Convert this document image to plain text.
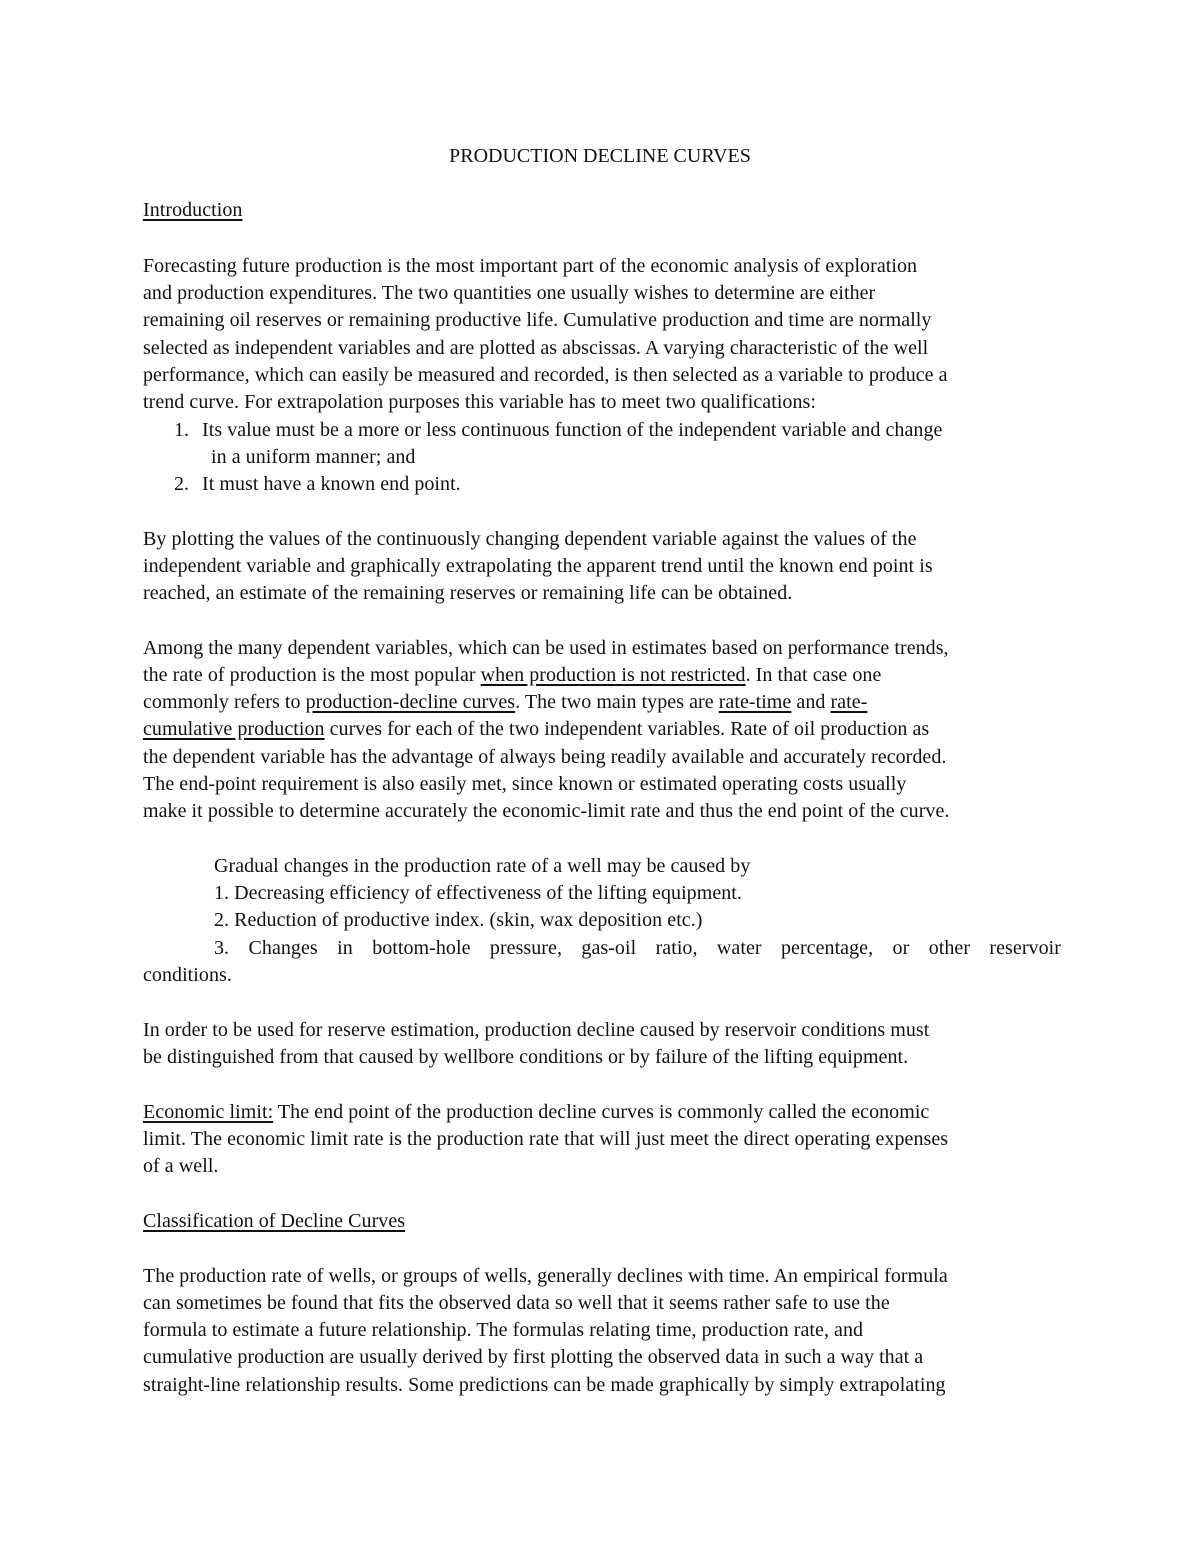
PRODUCTION DECLINE CURVES
Introduction
Forecasting future production is the most important part of the economic analysis of exploration
and production expenditures. The two quantities one usually wishes to determine are either
remaining oil reserves or remaining productive life. Cumulative production and time are normally
selected as independent variables and are plotted as abscissas. A varying characteristic of the well
performance, which can easily be measured and recorded, is then selected as a variable to produce a
trend curve. For extrapolation purposes this variable has to meet two qualifications:
1. Its value must be a more or less continuous function of the independent variable and change
in a uniform manner; and
2. It must have a known end point.
By plotting the values of the continuously changing dependent variable against the values of the
independent variable and graphically extrapolating the apparent trend until the known end point is
reached, an estimate of the remaining reserves or remaining life can be obtained.
Among the many dependent variables, which can be used in estimates based on performance trends,
the rate of production is the most popular when production is not restricted. In that case one
commonly refers to production-decline curves. The two main types are rate-time and rate-
cumulative production curves for each of the two independent variables. Rate of oil production as
the dependent variable has the advantage of always being readily available and accurately recorded.
The end-point requirement is also easily met, since known or estimated operating costs usually
make it possible to determine accurately the economic-limit rate and thus the end point of the curve.
Gradual changes in the production rate of a well may be caused by
1. Decreasing efficiency of effectiveness of the lifting equipment.
2. Reduction of productive index. (skin, wax deposition etc.)
3. Changes in bottom-hole pressure, gas-oil ratio, water percentage, or other reservoir
conditions.
In order to be used for reserve estimation, production decline caused by reservoir conditions must
be distinguished from that caused by wellbore conditions or by failure of the lifting equipment.
Economic limit: The end point of the production decline curves is commonly called the economic
limit. The economic limit rate is the production rate that will just meet the direct operating expenses
of a well.
Classification of Decline Curves
The production rate of wells, or groups of wells, generally declines with time. An empirical formula
can sometimes be found that fits the observed data so well that it seems rather safe to use the
formula to estimate a future relationship. The formulas relating time, production rate, and
cumulative production are usually derived by first plotting the observed data in such a way that a
straight-line relationship results. Some predictions can be made graphically by simply extrapolating
